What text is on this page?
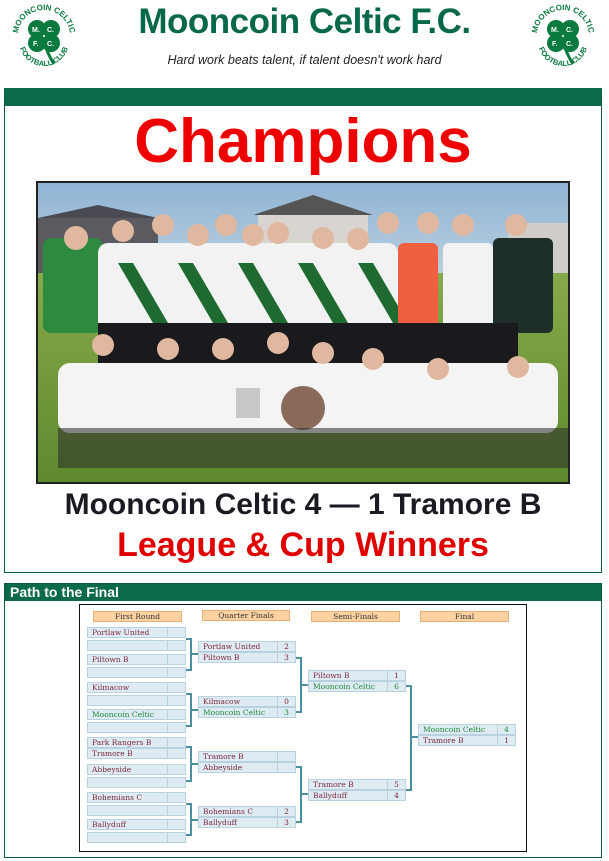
MOONCOIN CELTIC
FOOTBALL CLUB
M. C.
F. C.
Mooncoin Celtic F.C.
Hard work beats talent, if talent doesn't work hard
MOONCOIN CELTIC
FOOTBALL CLUB
M. C.
F. C.
Champions
Mooncoin Celtic 4 — 1 Tramore B
League & Cup Winners
Path to the Final
First Round	Quarter Finals	Semi-Finals	Final
Portlaw United
Piltown B
Kilmacow
Mooncoin Celtic
Park Rangers B
Tramore B
Abbeyside
Bohemians C
Ballyduff
Portlaw United	2
Piltown B	3
Kilmacow	0
Mooncoin Celtic	3
Tramore B
Abbeyside
Bohemians C	2
Ballyduff	3
Piltown B	1
Mooncoin Celtic	6
Tramore B	5
Ballyduff	4
Mooncoin Celtic	4
Tramore B	1
